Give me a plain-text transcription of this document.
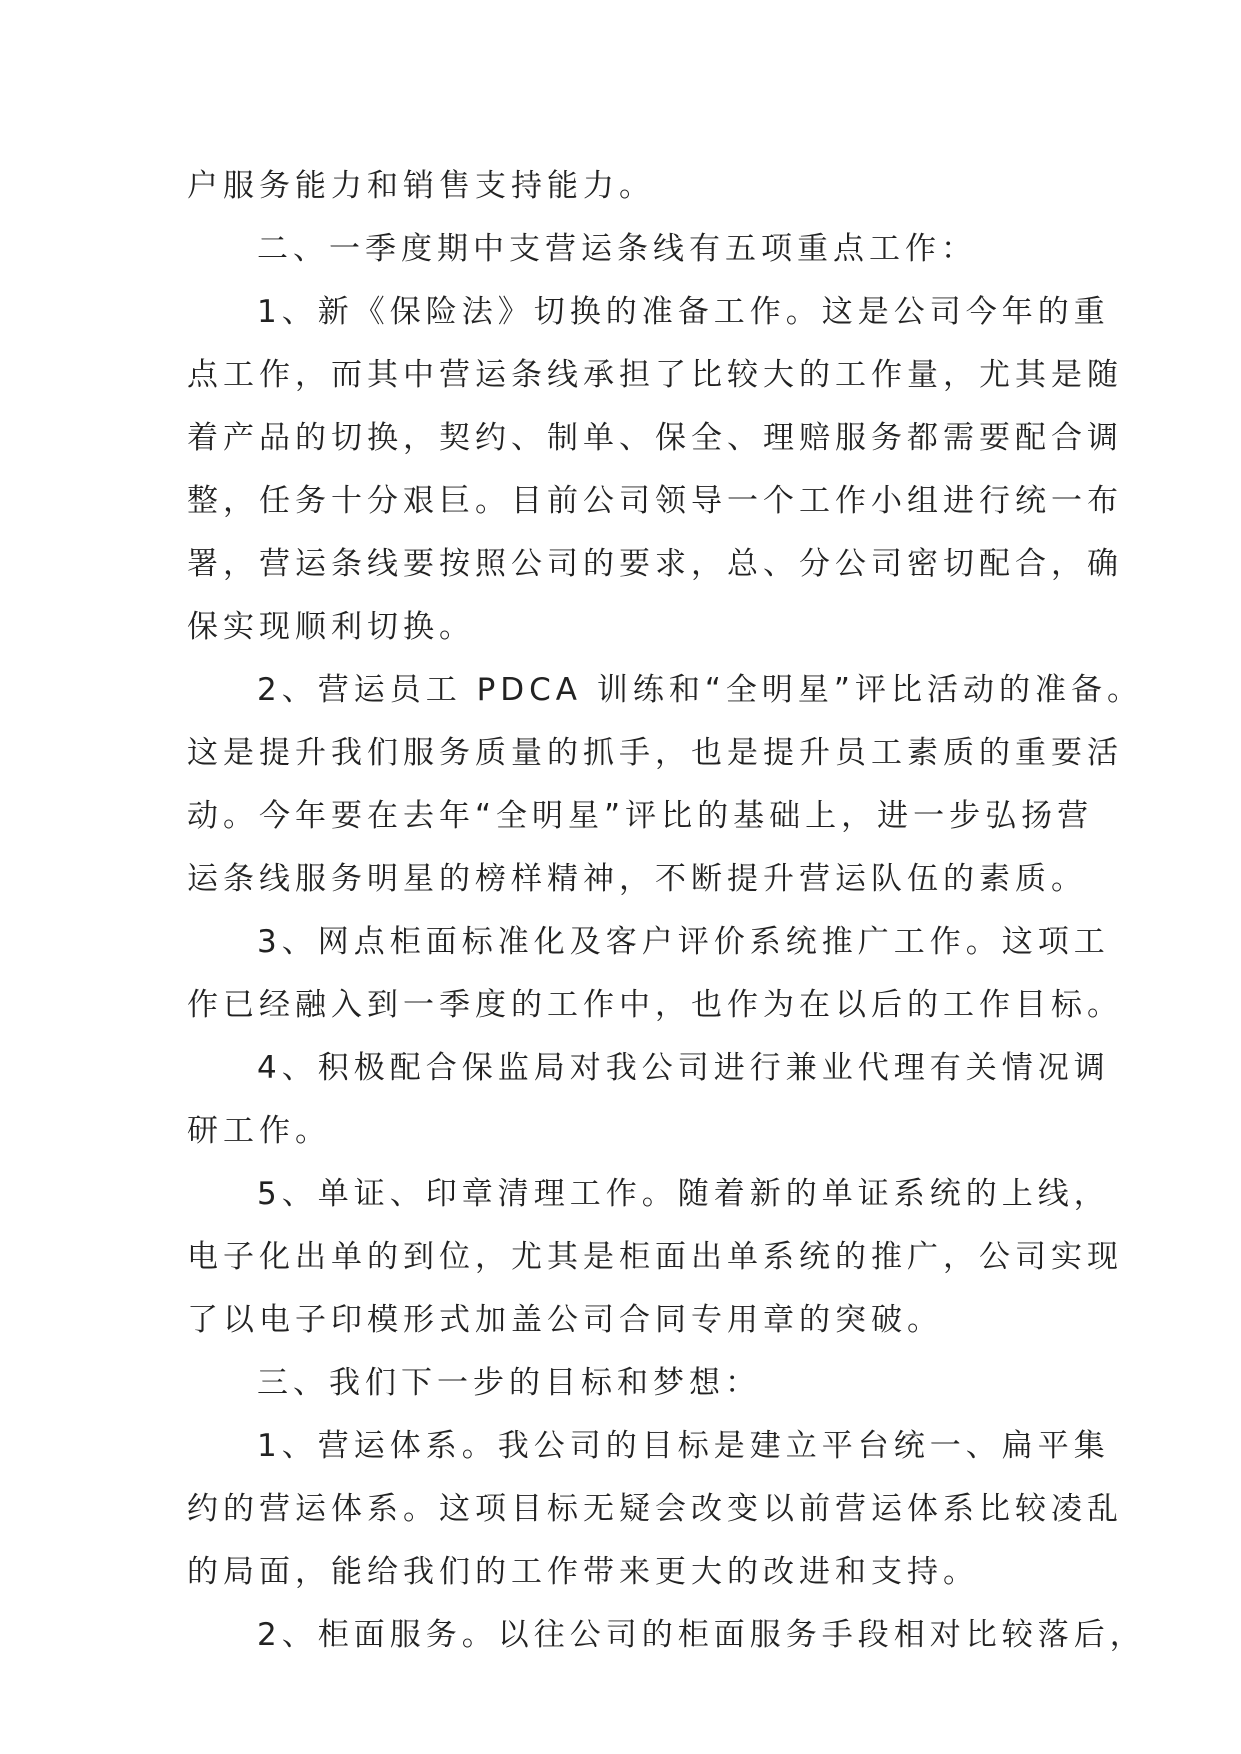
户服务能力和销售支持能力。
二、一季度期中支营运条线有五项重点工作：
1、新《保险法》切换的准备工作。这是公司今年的重
点工作，而其中营运条线承担了比较大的工作量，尤其是随
着产品的切换，契约、制单、保全、理赔服务都需要配合调
整，任务十分艰巨。目前公司领导一个工作小组进行统一布
署，营运条线要按照公司的要求，总、分公司密切配合，确
保实现顺利切换。
2、营运员工 PDCA 训练和“全明星”评比活动的准备。
这是提升我们服务质量的抓手，也是提升员工素质的重要活
动。今年要在去年“全明星”评比的基础上，进一步弘扬营
运条线服务明星的榜样精神，不断提升营运队伍的素质。
3、网点柜面标准化及客户评价系统推广工作。这项工
作已经融入到一季度的工作中，也作为在以后的工作目标。
4、积极配合保监局对我公司进行兼业代理有关情况调
研工作。
5、单证、印章清理工作。随着新的单证系统的上线，
电子化出单的到位，尤其是柜面出单系统的推广，公司实现
了以电子印模形式加盖公司合同专用章的突破。
三、我们下一步的目标和梦想：
1、营运体系。我公司的目标是建立平台统一、扁平集
约的营运体系。这项目标无疑会改变以前营运体系比较凌乱
的局面，能给我们的工作带来更大的改进和支持。
2、柜面服务。以往公司的柜面服务手段相对比较落后，
